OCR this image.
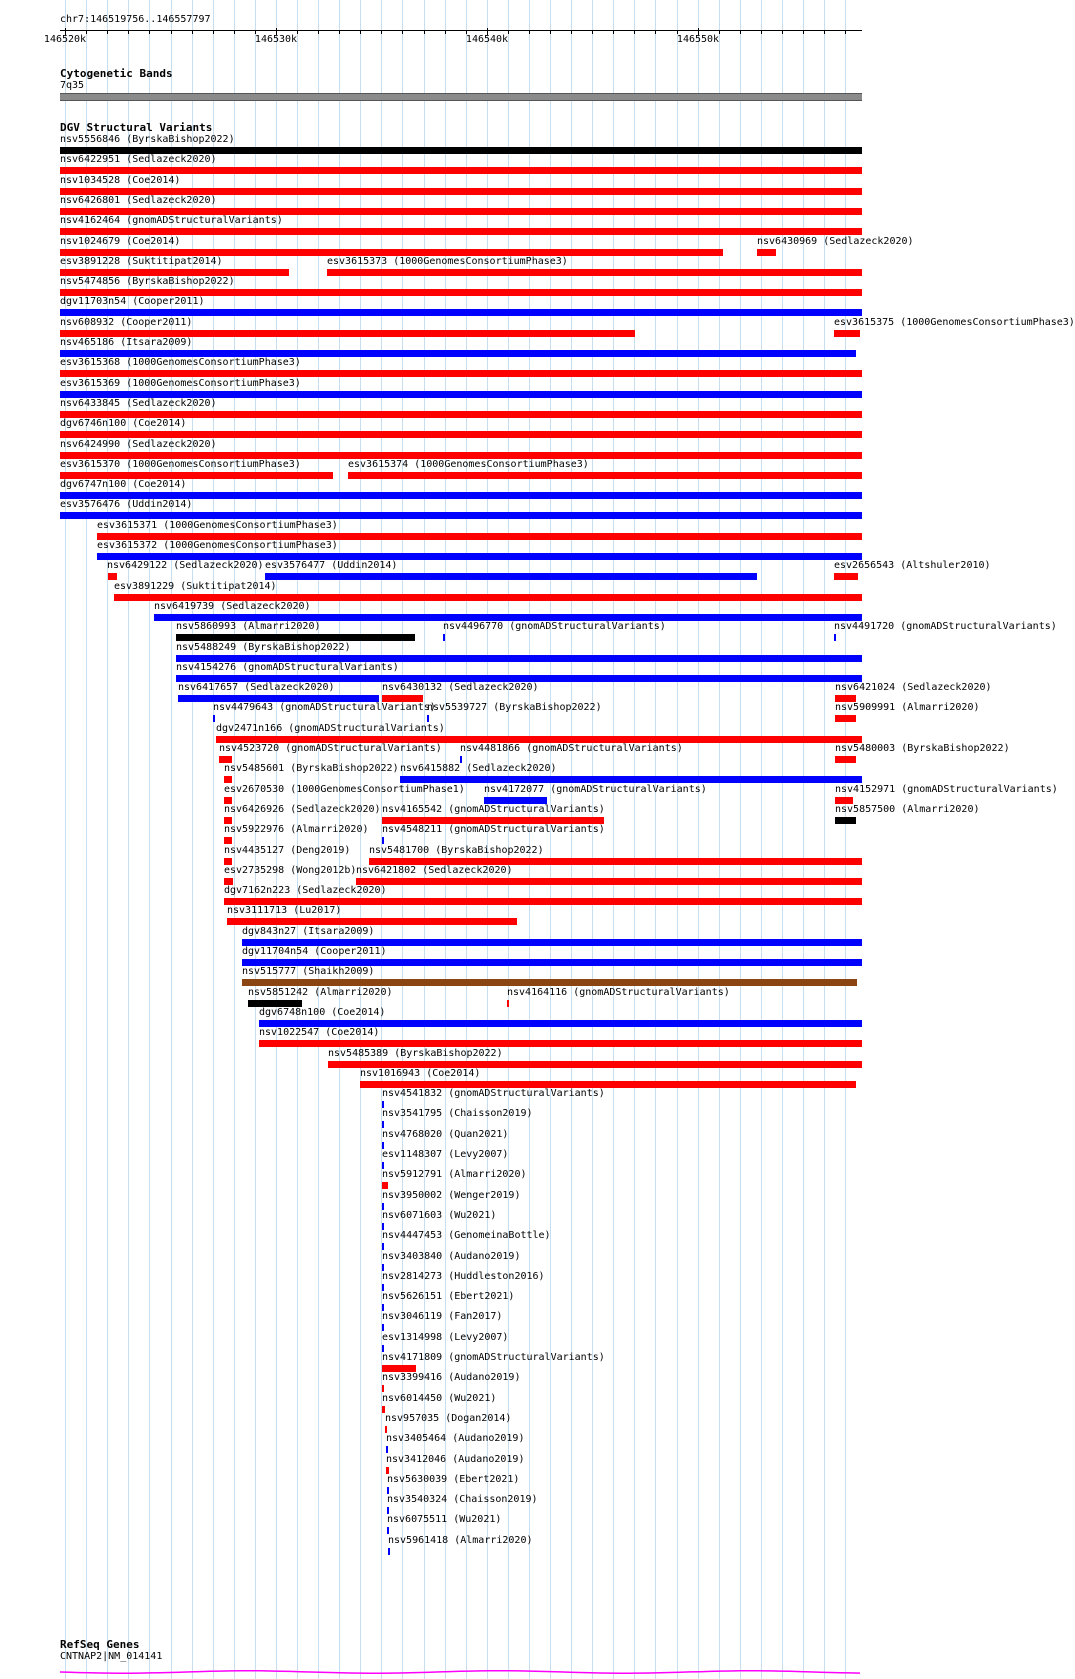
chr7:146519756..146557797
146520k	146530k	146540k	146550k
Cytogenetic Bands
7q35
DGV Structural Variants
nsv5556846 (ByrskaBishop2022)
nsv6422951 (Sedlazeck2020)
nsv1034528 (Coe2014)
nsv6426801 (Sedlazeck2020)
nsv4162464 (gnomADStructuralVariants)
nsv1024679 (Coe2014)	nsv6430969 (Sedlazeck2020)
esv3891228 (Suktitipat2014)	esv3615373 (1000GenomesConsortiumPhase3)
nsv5474856 (ByrskaBishop2022)
dgv11703n54 (Cooper2011)
nsv608932 (Cooper2011)	esv3615375 (1000GenomesConsortiumPhase3)
nsv465186 (Itsara2009)
esv3615368 (1000GenomesConsortiumPhase3)
esv3615369 (1000GenomesConsortiumPhase3)
nsv6433845 (Sedlazeck2020)
dgv6746n100 (Coe2014)
nsv6424990 (Sedlazeck2020)
esv3615370 (1000GenomesConsortiumPhase3)	esv3615374 (1000GenomesConsortiumPhase3)
dgv6747n100 (Coe2014)
esv3576476 (Uddin2014)
esv3615371 (1000GenomesConsortiumPhase3)
esv3615372 (1000GenomesConsortiumPhase3)
nsv6429122 (Sedlazeck2020) esv3576477 (Uddin2014)	esv2656543 (Altshuler2010)
esv3891229 (Suktitipat2014)
nsv6419739 (Sedlazeck2020)
nsv5860993 (Almarri2020)	nsv4496770 (gnomADStructuralVariants)	nsv4491720 (gnomADStructuralVariants)
nsv5488249 (ByrskaBishop2022)
nsv4154276 (gnomADStructuralVariants)
nsv6417657 (Sedlazeck2020)	nsv6430132 (Sedlazeck2020)	nsv6421024 (Sedlazeck2020)
nsv4479643 (gnomADStructuralVariants)
nsv5539727 (ByrskaBishop2022)	nsv5909991 (Almarri2020)
dgv2471n166 (gnomADStructuralVariants)
nsv4523720 (gnomADStructuralVariants) nsv4481866 (gnomADStructuralVariants)	nsv5480003 (ByrskaBishop2022)
nsv5485601 (ByrskaBishop2022) nsv6415882 (Sedlazeck2020)
esv2670530 (1000GenomesConsortiumPhase1) nsv4172077 (gnomADStructuralVariants)	nsv4152971 (gnomADStructuralVariants)
nsv6426926 (Sedlazeck2020) nsv4165542 (gnomADStructuralVariants)	nsv5857500 (Almarri2020)
nsv5922976 (Almarri2020) nsv4548211 (gnomADStructuralVariants)
nsv4435127 (Deng2019) nsv5481700 (ByrskaBishop2022)
esv2735298 (Wong2012b) nsv6421802 (Sedlazeck2020)
dgv7162n223 (Sedlazeck2020)
nsv3111713 (Lu2017)
dgv843n27 (Itsara2009)
dgv11704n54 (Cooper2011)
nsv515777 (Shaikh2009)
nsv5851242 (Almarri2020)	nsv4164116 (gnomADStructuralVariants)
dgv6748n100 (Coe2014)
nsv1022547 (Coe2014)
nsv5485389 (ByrskaBishop2022)
nsv1016943 (Coe2014)
nsv4541832 (gnomADStructuralVariants)
nsv3541795 (Chaisson2019)
nsv4768020 (Quan2021)
esv1148307 (Levy2007)
nsv5912791 (Almarri2020)
nsv3950002 (Wenger2019)
nsv6071603 (Wu2021)
nsv4447453 (GenomeinaBottle)
nsv3403840 (Audano2019)
nsv2814273 (Huddleston2016)
nsv5626151 (Ebert2021)
nsv3046119 (Fan2017)
esv1314998 (Levy2007)
nsv4171809 (gnomADStructuralVariants)
nsv3399416 (Audano2019)
nsv6014450 (Wu2021)
nsv957035 (Dogan2014)
nsv3405464 (Audano2019)
nsv3412046 (Audano2019)
nsv5630039 (Ebert2021)
nsv3540324 (Chaisson2019)
nsv6075511 (Wu2021)
nsv5961418 (Almarri2020)
RefSeq Genes
CNTNAP2|NM_014141
